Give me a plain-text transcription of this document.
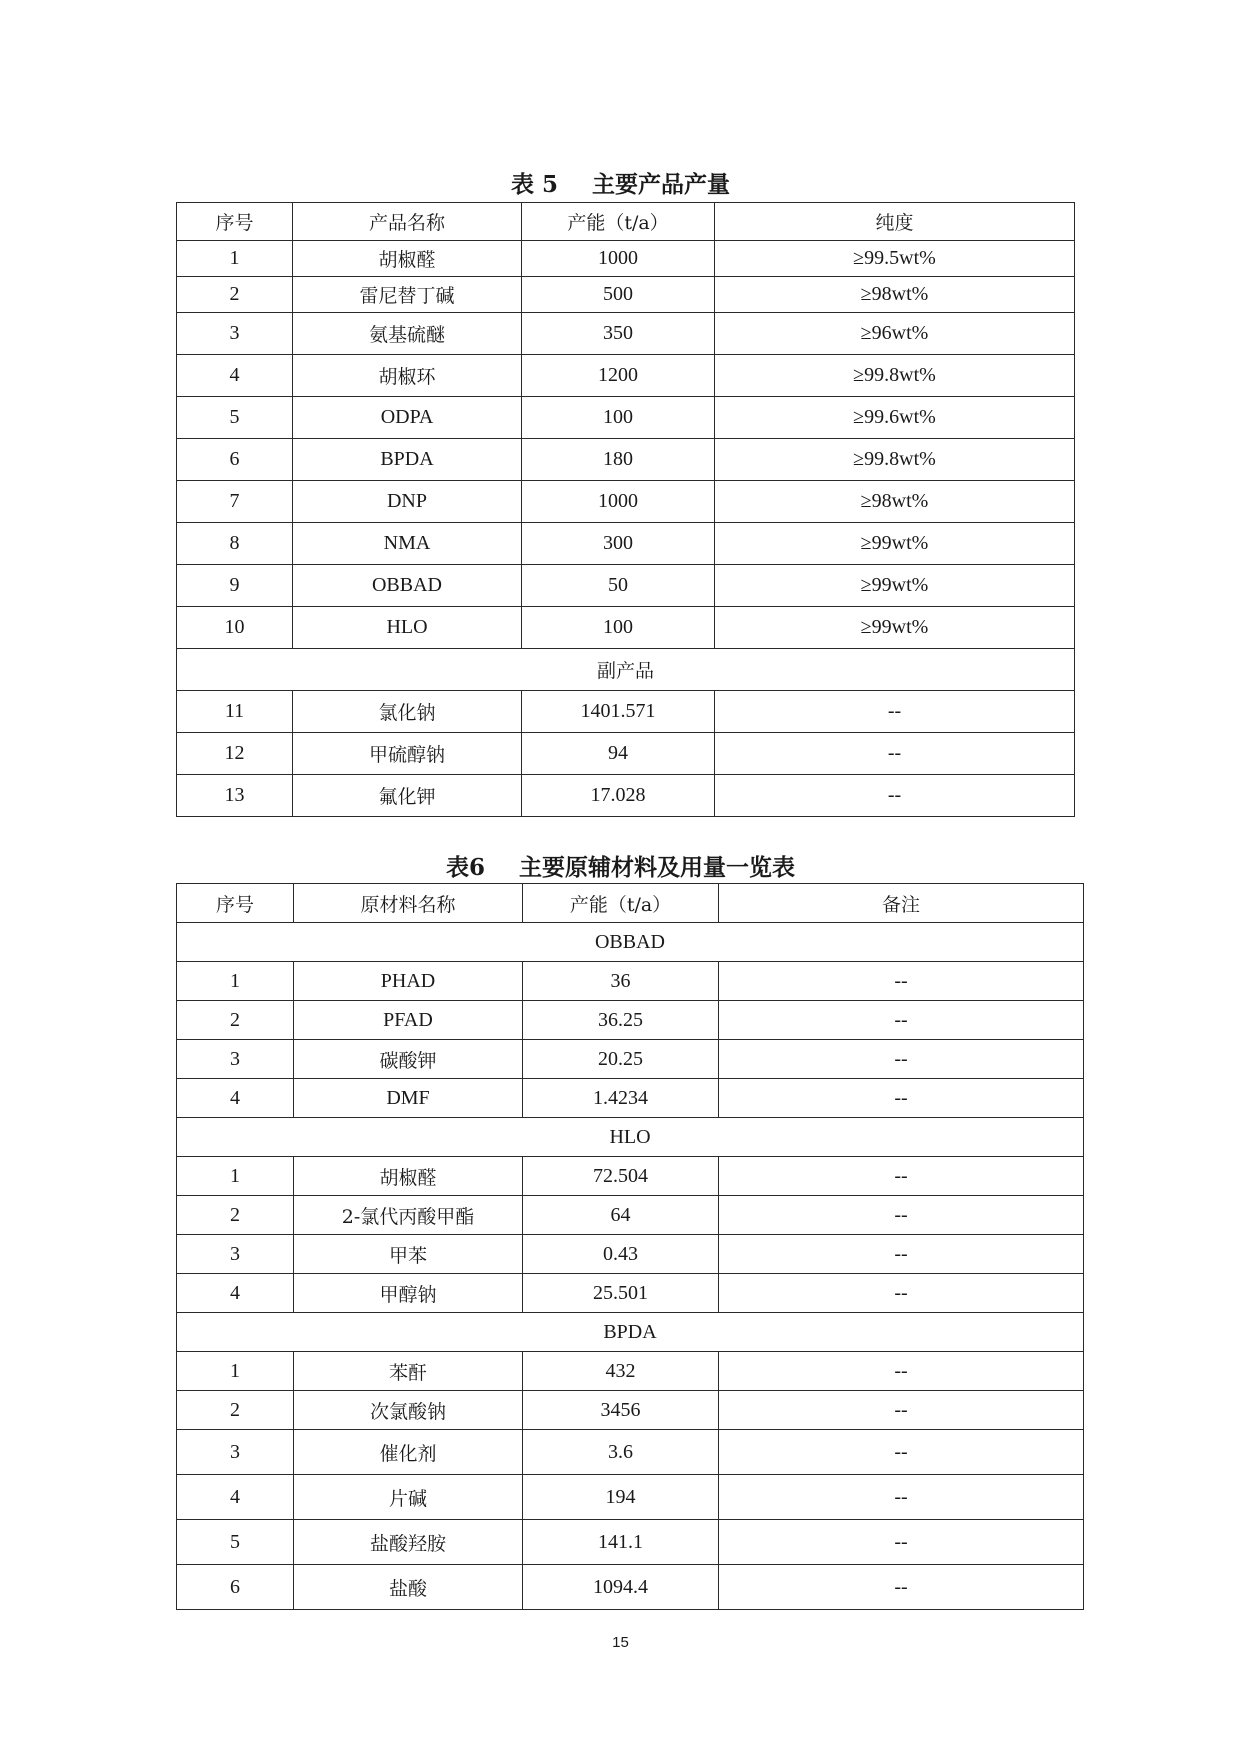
表 5 主要产品产量
序号	产品名称	产能（t/a）	纯度
1	胡椒醛	1000	≥99.5wt%
2	雷尼替丁碱	500	≥98wt%
3	氨基硫醚	350	≥96wt%
4	胡椒环	1200	≥99.8wt%
5	ODPA	100	≥99.6wt%
6	BPDA	180	≥99.8wt%
7	DNP	1000	≥98wt%
8	NMA	300	≥99wt%
9	OBBAD	50	≥99wt%
10	HLO	100	≥99wt%
副产品			
11	氯化钠	1401.571	--
12	甲硫醇钠	94	--
13	氟化钾	17.028	--
表6 主要原辅材料及用量一览表
序号	原材料名称	产能（t/a）	备注
OBBAD			
1	PHAD	36	--
2	PFAD	36.25	--
3	碳酸钾	20.25	--
4	DMF	1.4234	--
HLO			
1	胡椒醛	72.504	--
2	2-氯代丙酸甲酯	64	--
3	甲苯	0.43	--
4	甲醇钠	25.501	--
BPDA			
1	苯酐	432	--
2	次氯酸钠	3456	--
3	催化剂	3.6	--
4	片碱	194	--
5	盐酸羟胺	141.1	--
6	盐酸	1094.4	--
15
